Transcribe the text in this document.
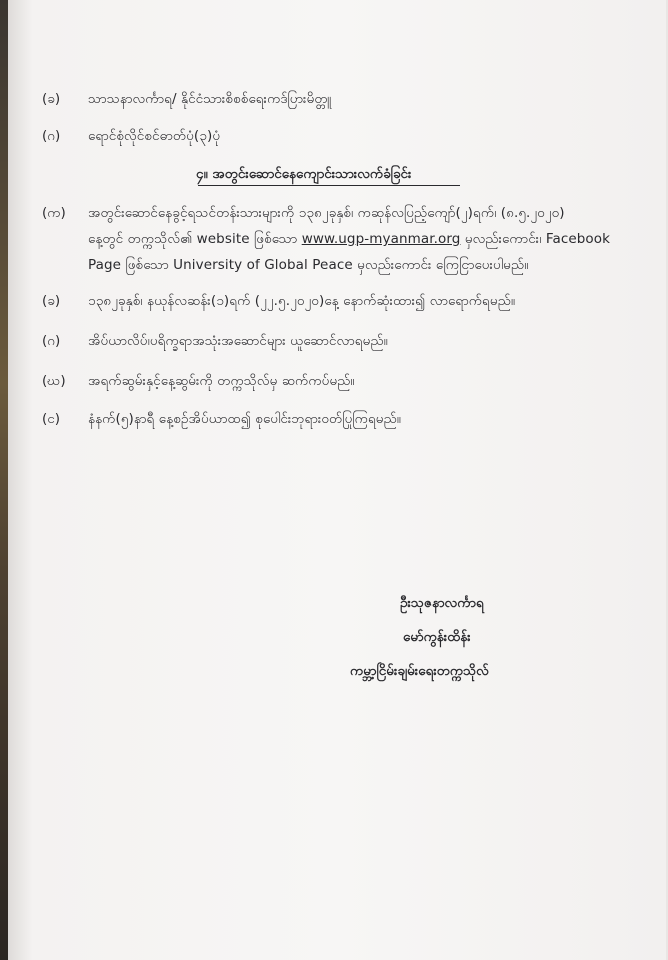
(ခ) သာသနာလင်္ကာရ/ နိုင်ငံသားစိစစ်ရေးကဒ်ပြားမိတ္တူ
(ဂ) ရောင်စုံလိုင်စင်ဓာတ်ပုံ(၃)ပုံ
၄။ အတွင်းဆောင်နေကျောင်းသားလက်ခံခြင်း
(က) အတွင်းဆောင်နေခွင့်ရသင်တန်းသားများကို ၁၃၈၂ခုနှစ်၊ ကဆုန်လပြည့်ကျော်(၂)ရက်၊ (၈.၅.၂၀၂၀)
နေ့တွင် တက္ကသိုလ်၏ website ဖြစ်သော www.ugp-myanmar.org မှလည်းကောင်း၊ Facebook
Page ဖြစ်သော University of Global Peace မှလည်းကောင်း ကြေငြာပေးပါမည်။
(ခ) ၁၃၈၂ခုနှစ်၊ နယုန်လဆန်း(၁)ရက် (၂၂.၅.၂၀၂၀)နေ့ နောက်ဆုံးထား၍ လာရောက်ရမည်။
(ဂ) အိပ်ယာလိပ်၊ပရိက္ခရာအသုံးအဆောင်များ ယူဆောင်လာရမည်။
(ဃ) အရက်ဆွမ်းနှင့်နေ့ဆွမ်းကို တက္ကသိုလ်မှ ဆက်ကပ်မည်။
(င) နံနက်(၅)နာရီ နေ့စဉ်အိပ်ယာထ၍ စုပေါင်းဘုရားဝတ်ပြုကြရမည်။
ဦးသုဇနာလင်္ကာရ
မော်ကွန်းထိန်း
ကမ္ဘာ့ငြိမ်းချမ်းရေးတက္ကသိုလ်
